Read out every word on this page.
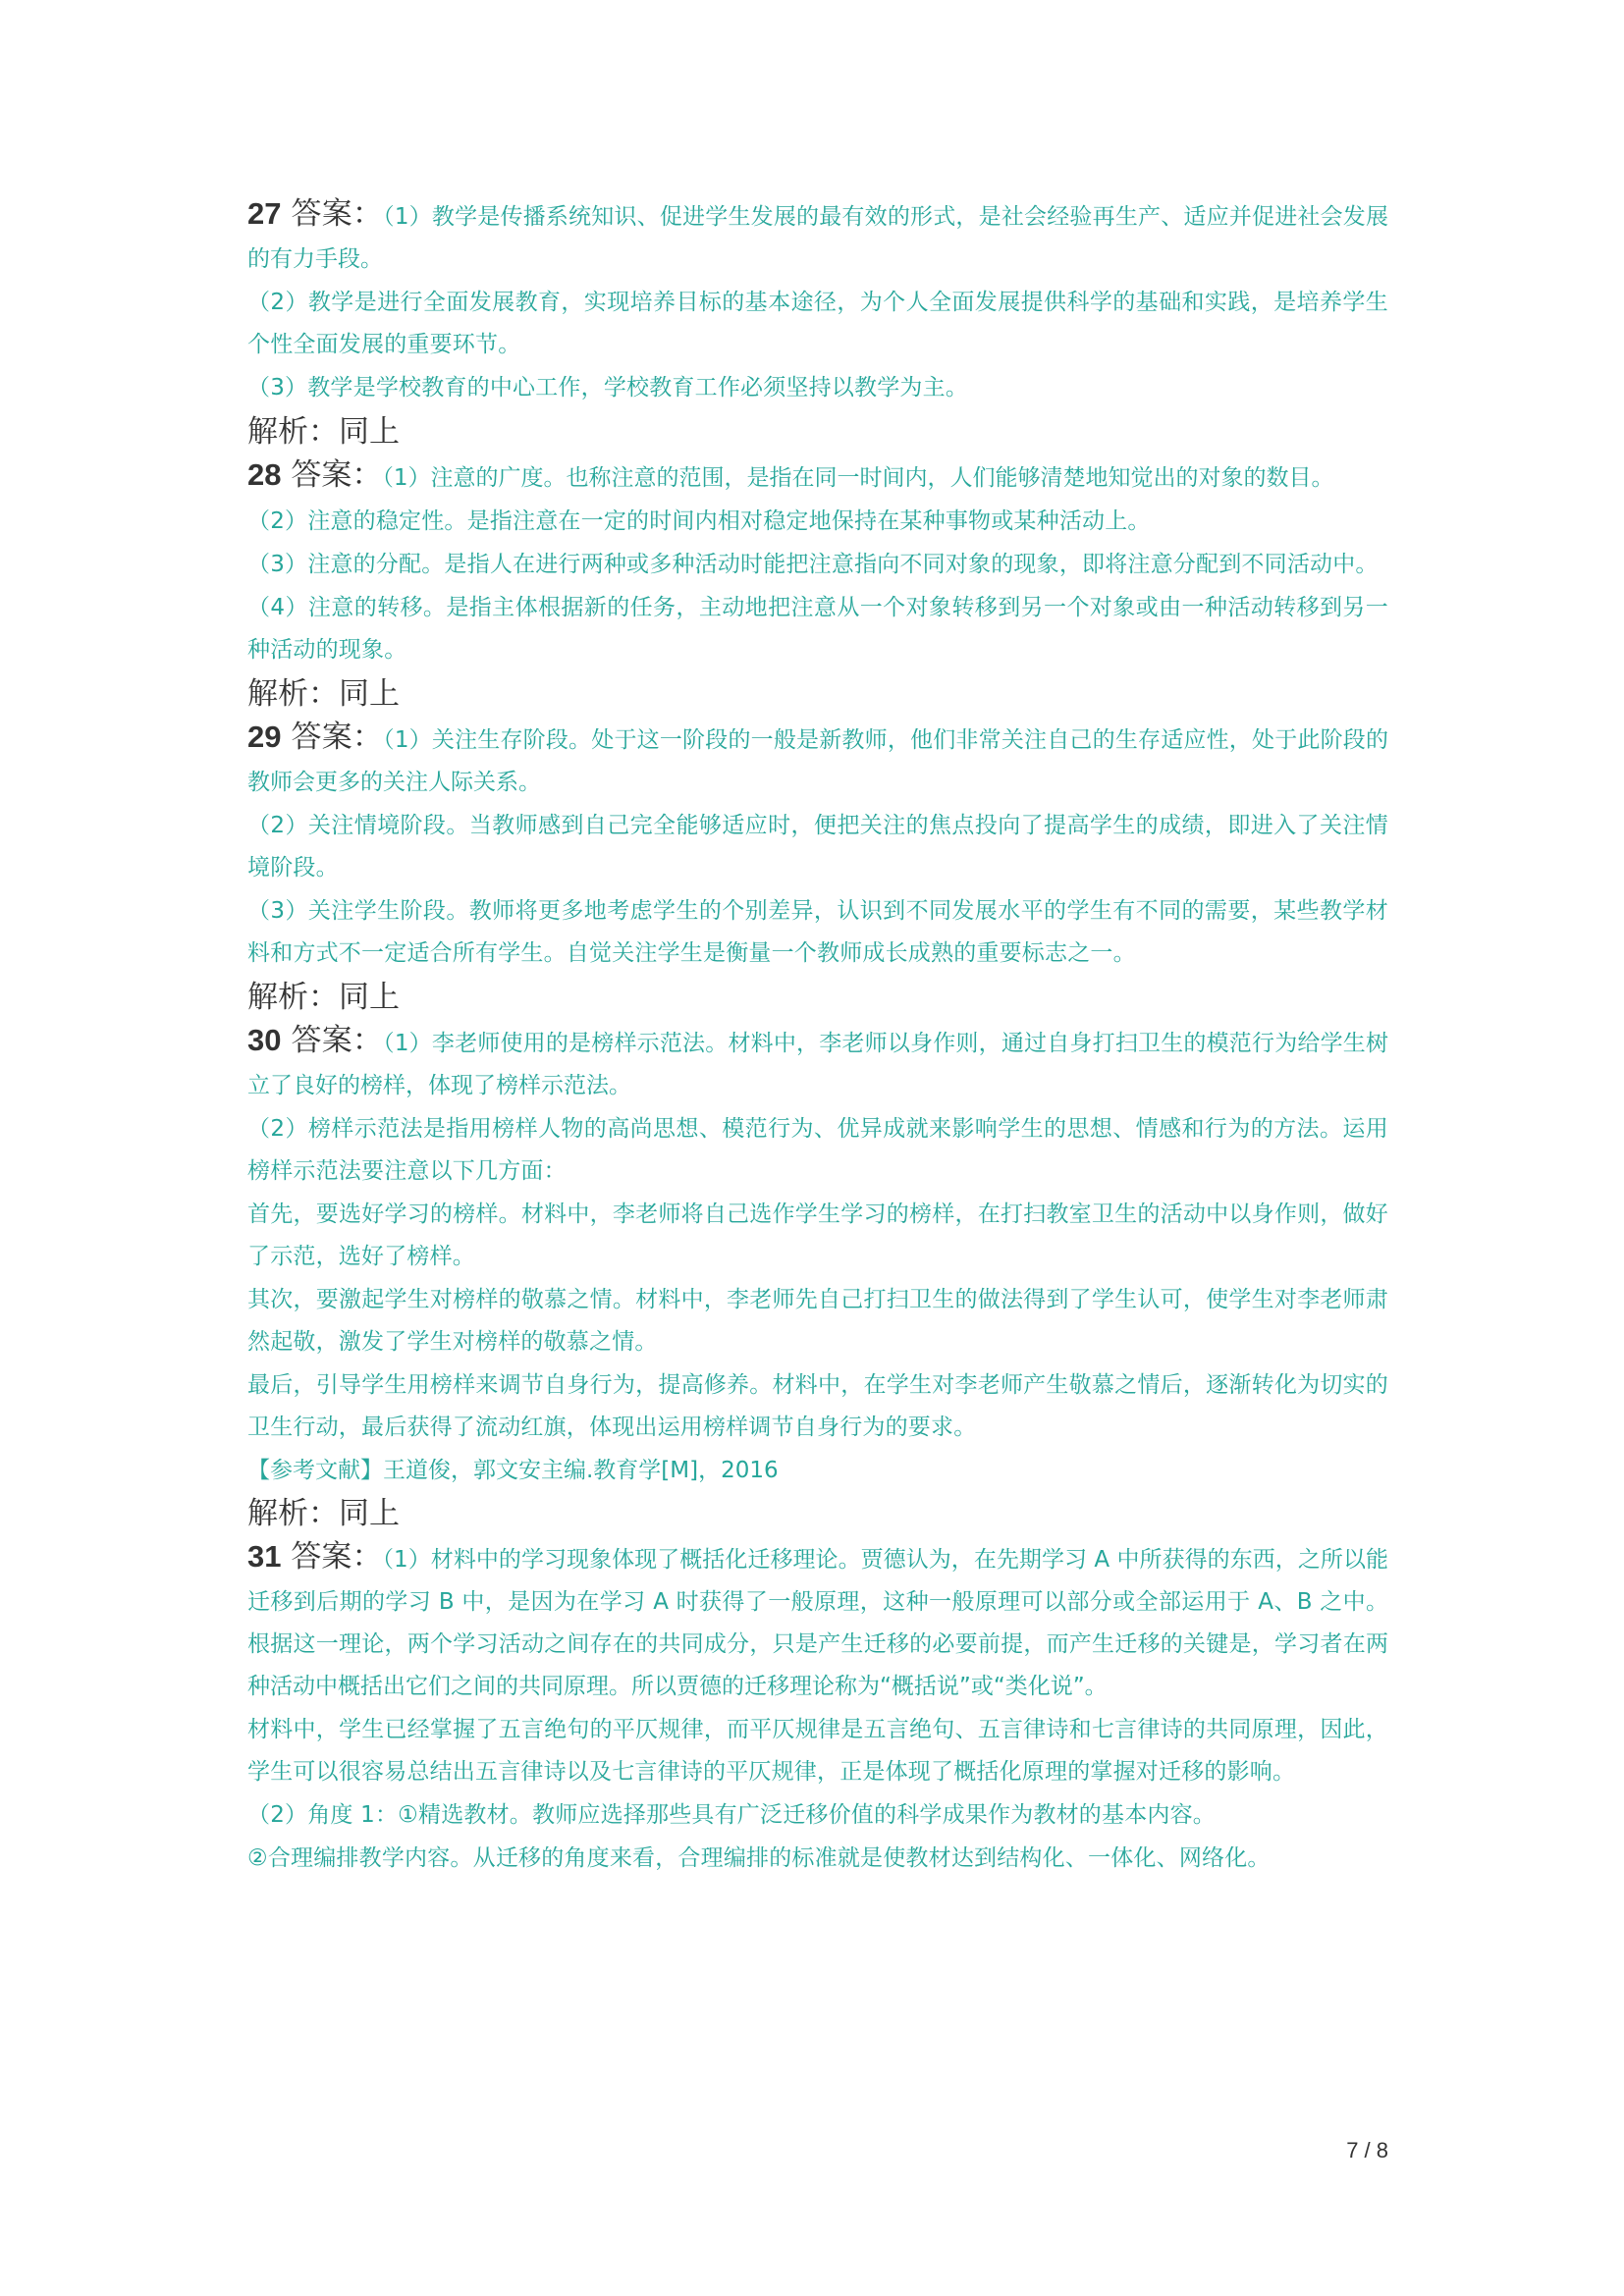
27 答案：（1）教学是传播系统知识、促进学生发展的最有效的形式，是社会经验再生产、适应并促进社会发展的有力手段。

（2）教学是进行全面发展教育，实现培养目标的基本途径，为个人全面发展提供科学的基础和实践，是培养学生个性全面发展的重要环节。

（3）教学是学校教育的中心工作，学校教育工作必须坚持以教学为主。

解析：同上

28 答案：（1）注意的广度。也称注意的范围，是指在同一时间内，人们能够清楚地知觉出的对象的数目。

（2）注意的稳定性。是指注意在一定的时间内相对稳定地保持在某种事物或某种活动上。

（3）注意的分配。是指人在进行两种或多种活动时能把注意指向不同对象的现象，即将注意分配到不同活动中。

（4）注意的转移。是指主体根据新的任务，主动地把注意从一个对象转移到另一个对象或由一种活动转移到另一种活动的现象。

解析：同上

29 答案：（1）关注生存阶段。处于这一阶段的一般是新教师，他们非常关注自己的生存适应性，处于此阶段的教师会更多的关注人际关系。

（2）关注情境阶段。当教师感到自己完全能够适应时，便把关注的焦点投向了提高学生的成绩，即进入了关注情境阶段。

（3）关注学生阶段。教师将更多地考虑学生的个别差异，认识到不同发展水平的学生有不同的需要，某些教学材料和方式不一定适合所有学生。自觉关注学生是衡量一个教师成长成熟的重要标志之一。

解析：同上

30 答案：（1）李老师使用的是榜样示范法。材料中，李老师以身作则，通过自身打扫卫生的模范行为给学生树立了良好的榜样，体现了榜样示范法。

（2）榜样示范法是指用榜样人物的高尚思想、模范行为、优异成就来影响学生的思想、情感和行为的方法。运用榜样示范法要注意以下几方面：

首先，要选好学习的榜样。材料中，李老师将自己选作学生学习的榜样，在打扫教室卫生的活动中以身作则，做好了示范，选好了榜样。

其次，要激起学生对榜样的敬慕之情。材料中，李老师先自己打扫卫生的做法得到了学生认可，使学生对李老师肃然起敬，激发了学生对榜样的敬慕之情。

最后，引导学生用榜样来调节自身行为，提高修养。材料中，在学生对李老师产生敬慕之情后，逐渐转化为切实的卫生行动，最后获得了流动红旗，体现出运用榜样调节自身行为的要求。

【参考文献】王道俊，郭文安主编.教育学[M]，2016

解析：同上

31 答案：（1）材料中的学习现象体现了概括化迁移理论。贾德认为，在先期学习 A 中所获得的东西，之所以能迁移到后期的学习 B 中，是因为在学习 A 时获得了一般原理，这种一般原理可以部分或全部运用于 A、B 之中。根据这一理论，两个学习活动之间存在的共同成分，只是产生迁移的必要前提，而产生迁移的关键是，学习者在两种活动中概括出它们之间的共同原理。所以贾德的迁移理论称为“概括说”或“类化说”。

材料中，学生已经掌握了五言绝句的平仄规律，而平仄规律是五言绝句、五言律诗和七言律诗的共同原理，因此，学生可以很容易总结出五言律诗以及七言律诗的平仄规律，正是体现了概括化原理的掌握对迁移的影响。

（2）角度 1：①精选教材。教师应选择那些具有广泛迁移价值的科学成果作为教材的基本内容。

②合理编排教学内容。从迁移的角度来看，合理编排的标准就是使教材达到结构化、一体化、网络化。

7 / 8
